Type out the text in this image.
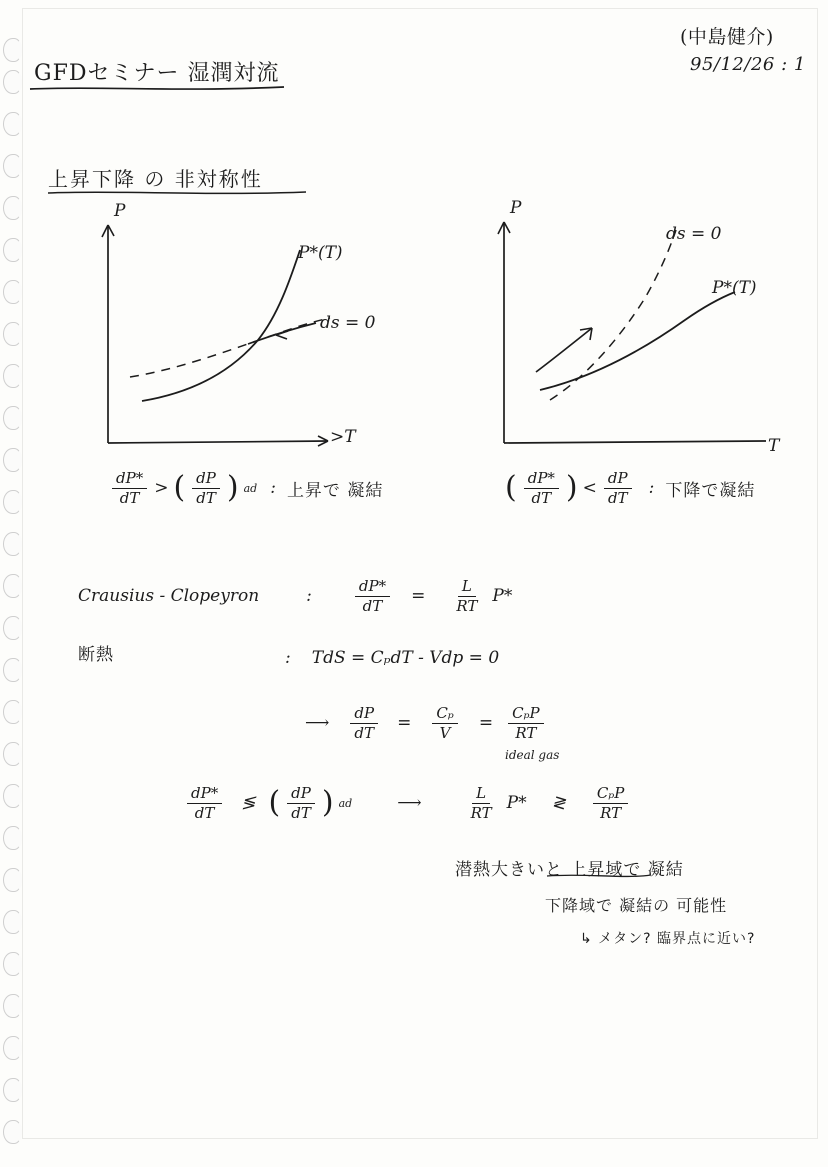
GFDセミナー 湿潤対流
(中島健介)
95/12/26 : 1
上昇下降 の 非対称性
P
>T
P*(T)
ds = 0
P
T
P*(T)
ds = 0
$\frac{dP*}{dT}$ > ( $\frac{dP}{dT}$ ) ad : 上昇で 凝結	( $\frac{dP*}{dT}$ ) < $\frac{dP}{dT}$ : 下降で凝結
Crausius - Clopeyron	:	$\frac{dP*}{dT} = \frac{L}{RT} P*$
断熱	: TdS = CₚdT - Vdp = 0
⟶ $\frac{dP}{dT} = \frac{\text{Cₚ}}{V} = \frac{\text{CₚP}}{RT}$
ideal gas
$\frac{dP*}{dT}$ ≶ ( $\frac{dP}{dT}$ ) ad	⟶	$\frac{L}{RT} P*$ ≷ $\frac{\text{CₚP}}{RT}$
潜熱大きいと 上昇域で 凝結
下降域で 凝結の 可能性
↳ メタン? 臨界点に近い?
